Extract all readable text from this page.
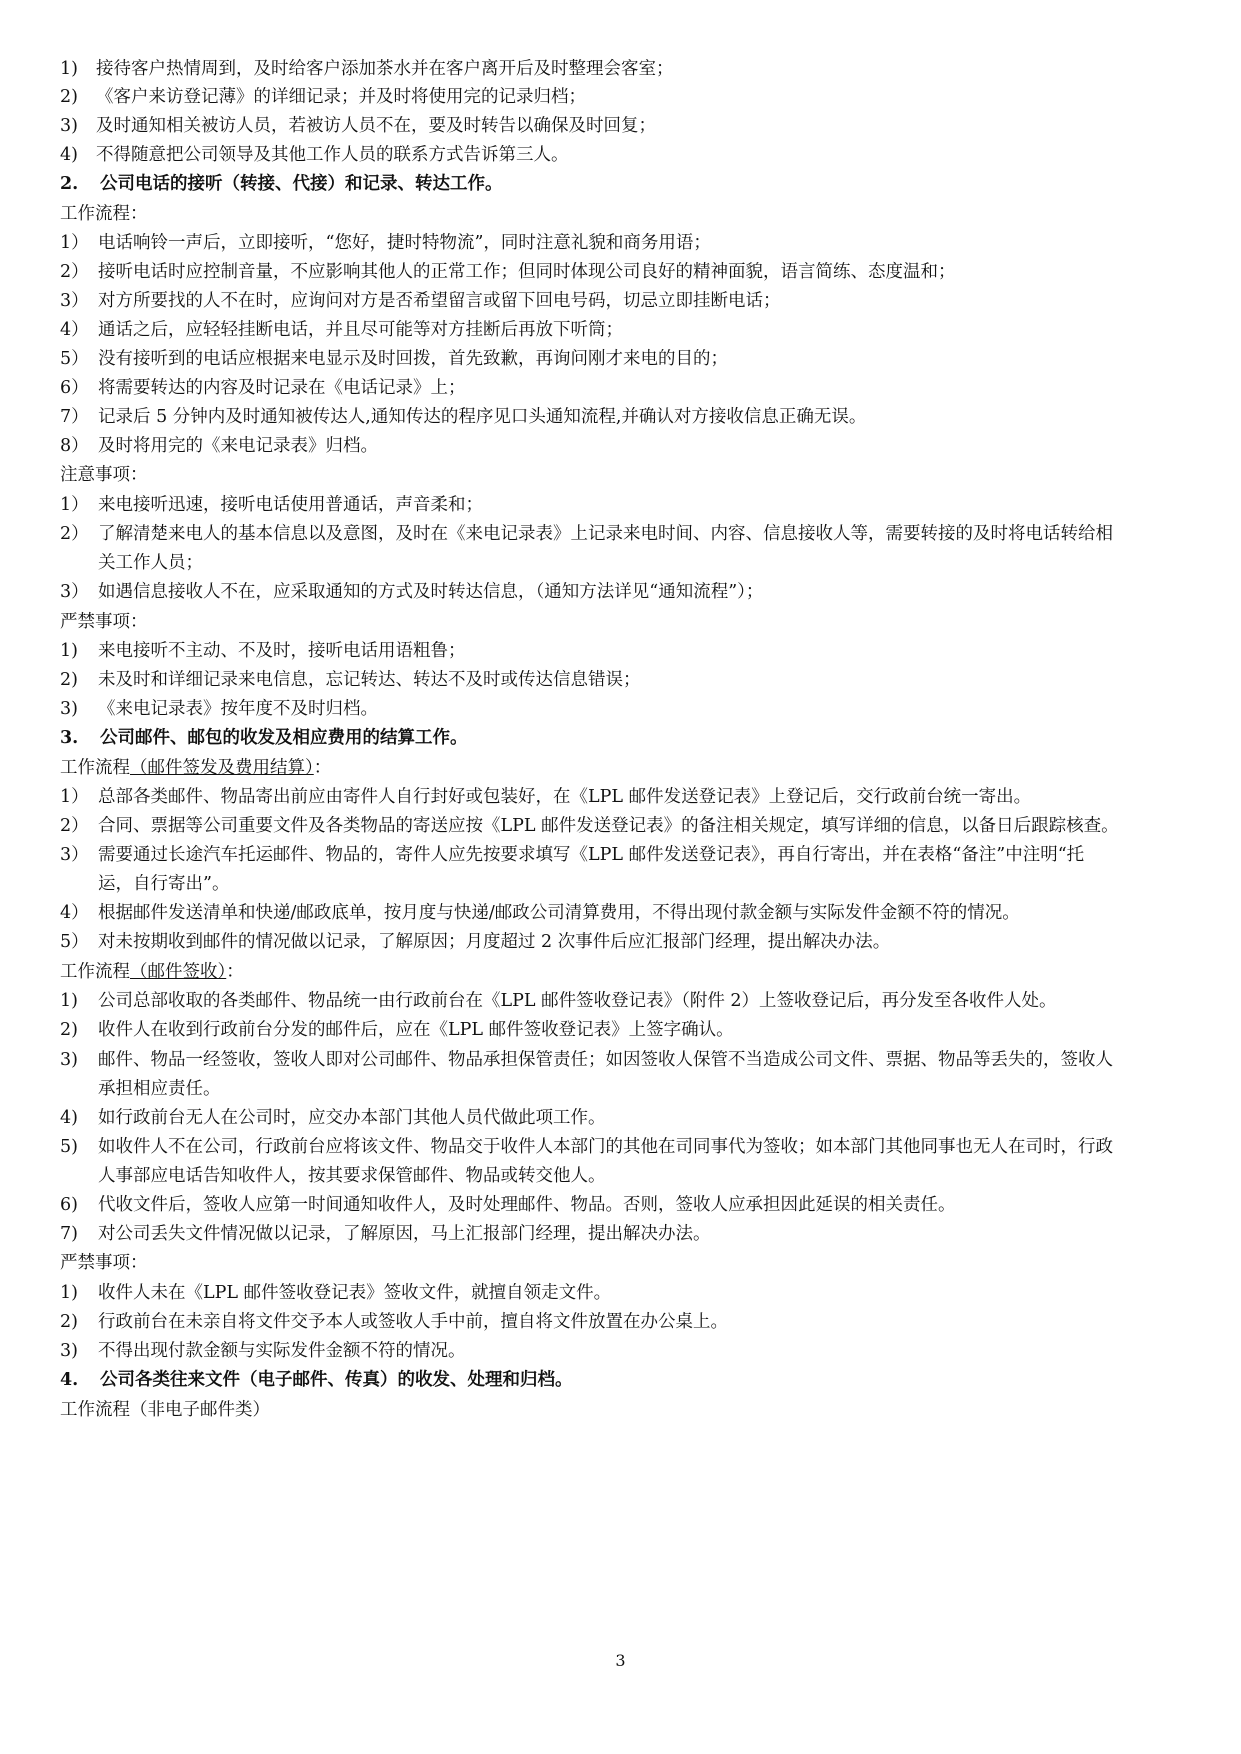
1) 接待客户热情周到，及时给客户添加茶水并在客户离开后及时整理会客室；
2) 《客户来访登记薄》的详细记录；并及时将使用完的记录归档；
3) 及时通知相关被访人员，若被访人员不在，要及时转告以确保及时回复；
4) 不得随意把公司领导及其他工作人员的联系方式告诉第三人。
2. 公司电话的接听（转接、代接）和记录、转达工作。
工作流程：
1） 电话响铃一声后，立即接听，“您好，捷时特物流”，同时注意礼貌和商务用语；
2） 接听电话时应控制音量，不应影响其他人的正常工作；但同时体现公司良好的精神面貌，语言简练、态度温和；
3） 对方所要找的人不在时，应询问对方是否希望留言或留下回电号码，切忌立即挂断电话；
4） 通话之后，应轻轻挂断电话，并且尽可能等对方挂断后再放下听筒；
5） 没有接听到的电话应根据来电显示及时回拨，首先致歉，再询问刚才来电的目的；
6） 将需要转达的内容及时记录在《电话记录》上；
7） 记录后 5 分钟内及时通知被传达人,通知传达的程序见口头通知流程,并确认对方接收信息正确无误。
8） 及时将用完的《来电记录表》归档。
注意事项：
1） 来电接听迅速，接听电话使用普通话，声音柔和；
2） 了解清楚来电人的基本信息以及意图，及时在《来电记录表》上记录来电时间、内容、信息接收人等，需要转接的及时将电话转给相
关工作人员；
3） 如遇信息接收人不在，应采取通知的方式及时转达信息，（通知方法详见“通知流程”）；
严禁事项：
1) 来电接听不主动、不及时，接听电话用语粗鲁；
2) 未及时和详细记录来电信息，忘记转达、转达不及时或传达信息错误；
3) 《来电记录表》按年度不及时归档。
3. 公司邮件、邮包的收发及相应费用的结算工作。
工作流程（邮件签发及费用结算）：
1） 总部各类邮件、物品寄出前应由寄件人自行封好或包装好，在《LPL 邮件发送登记表》上登记后，交行政前台统一寄出。
2） 合同、票据等公司重要文件及各类物品的寄送应按《LPL 邮件发送登记表》的备注相关规定，填写详细的信息，以备日后跟踪核查。
3） 需要通过长途汽车托运邮件、物品的，寄件人应先按要求填写《LPL 邮件发送登记表》，再自行寄出，并在表格“备注”中注明“托
运，自行寄出”。
4） 根据邮件发送清单和快递/邮政底单，按月度与快递/邮政公司清算费用，不得出现付款金额与实际发件金额不符的情况。
5） 对未按期收到邮件的情况做以记录，了解原因；月度超过 2 次事件后应汇报部门经理，提出解决办法。
工作流程（邮件签收）：
1) 公司总部收取的各类邮件、物品统一由行政前台在《LPL 邮件签收登记表》（附件 2）上签收登记后，再分发至各收件人处。
2) 收件人在收到行政前台分发的邮件后，应在《LPL 邮件签收登记表》上签字确认。
3) 邮件、物品一经签收，签收人即对公司邮件、物品承担保管责任；如因签收人保管不当造成公司文件、票据、物品等丢失的，签收人
承担相应责任。
4) 如行政前台无人在公司时，应交办本部门其他人员代做此项工作。
5) 如收件人不在公司，行政前台应将该文件、物品交于收件人本部门的其他在司同事代为签收；如本部门其他同事也无人在司时，行政
人事部应电话告知收件人，按其要求保管邮件、物品或转交他人。
6) 代收文件后，签收人应第一时间通知收件人，及时处理邮件、物品。否则，签收人应承担因此延误的相关责任。
7) 对公司丢失文件情况做以记录，了解原因，马上汇报部门经理，提出解决办法。
严禁事项：
1) 收件人未在《LPL 邮件签收登记表》签收文件，就擅自领走文件。
2) 行政前台在未亲自将文件交予本人或签收人手中前，擅自将文件放置在办公桌上。
3) 不得出现付款金额与实际发件金额不符的情况。
4. 公司各类往来文件（电子邮件、传真）的收发、处理和归档。
工作流程（非电子邮件类）
3
